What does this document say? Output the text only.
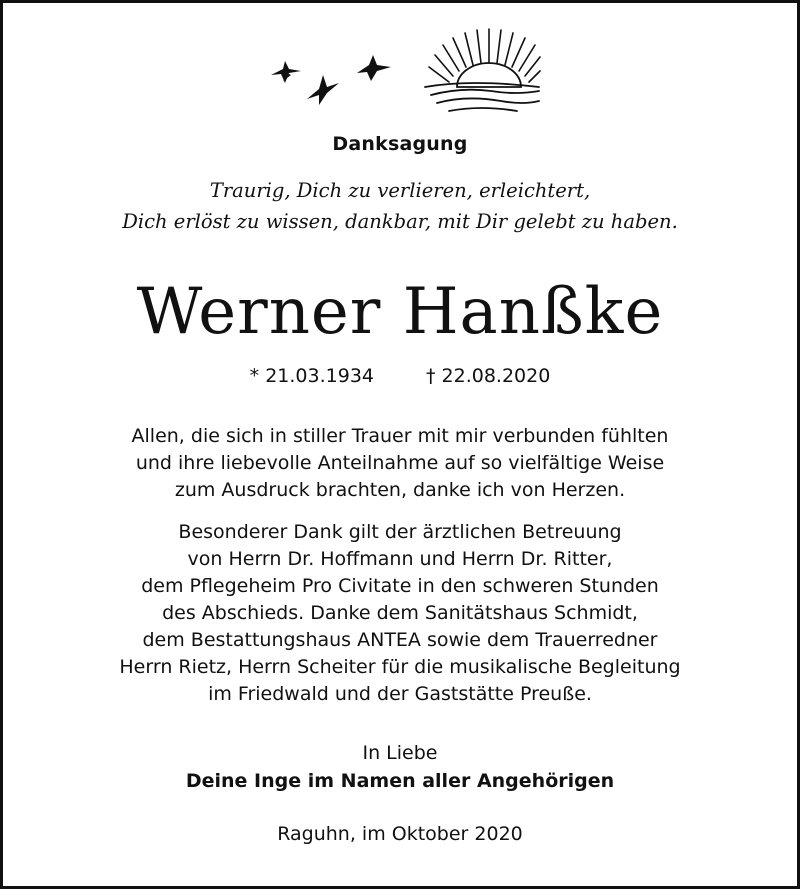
Danksagung
Traurig, Dich zu verlieren, erleichtert,
Dich erlöst zu wissen, dankbar, mit Dir gelebt zu haben.
Werner Hanßke
* 21.03.1934	† 22.08.2020
Allen, die sich in stiller Trauer mit mir verbunden fühlten
und ihre liebevolle Anteilnahme auf so vielfältige Weise
zum Ausdruck brachten, danke ich von Herzen.
Besonderer Dank gilt der ärztlichen Betreuung
von Herrn Dr. Hoffmann und Herrn Dr. Ritter,
dem Pflegeheim Pro Civitate in den schweren Stunden
des Abschieds. Danke dem Sanitätshaus Schmidt,
dem Bestattungshaus ANTEA sowie dem Trauerredner
Herrn Rietz, Herrn Scheiter für die musikalische Begleitung
im Friedwald und der Gaststätte Preuße.
In Liebe
Deine Inge im Namen aller Angehörigen
Raguhn, im Oktober 2020
